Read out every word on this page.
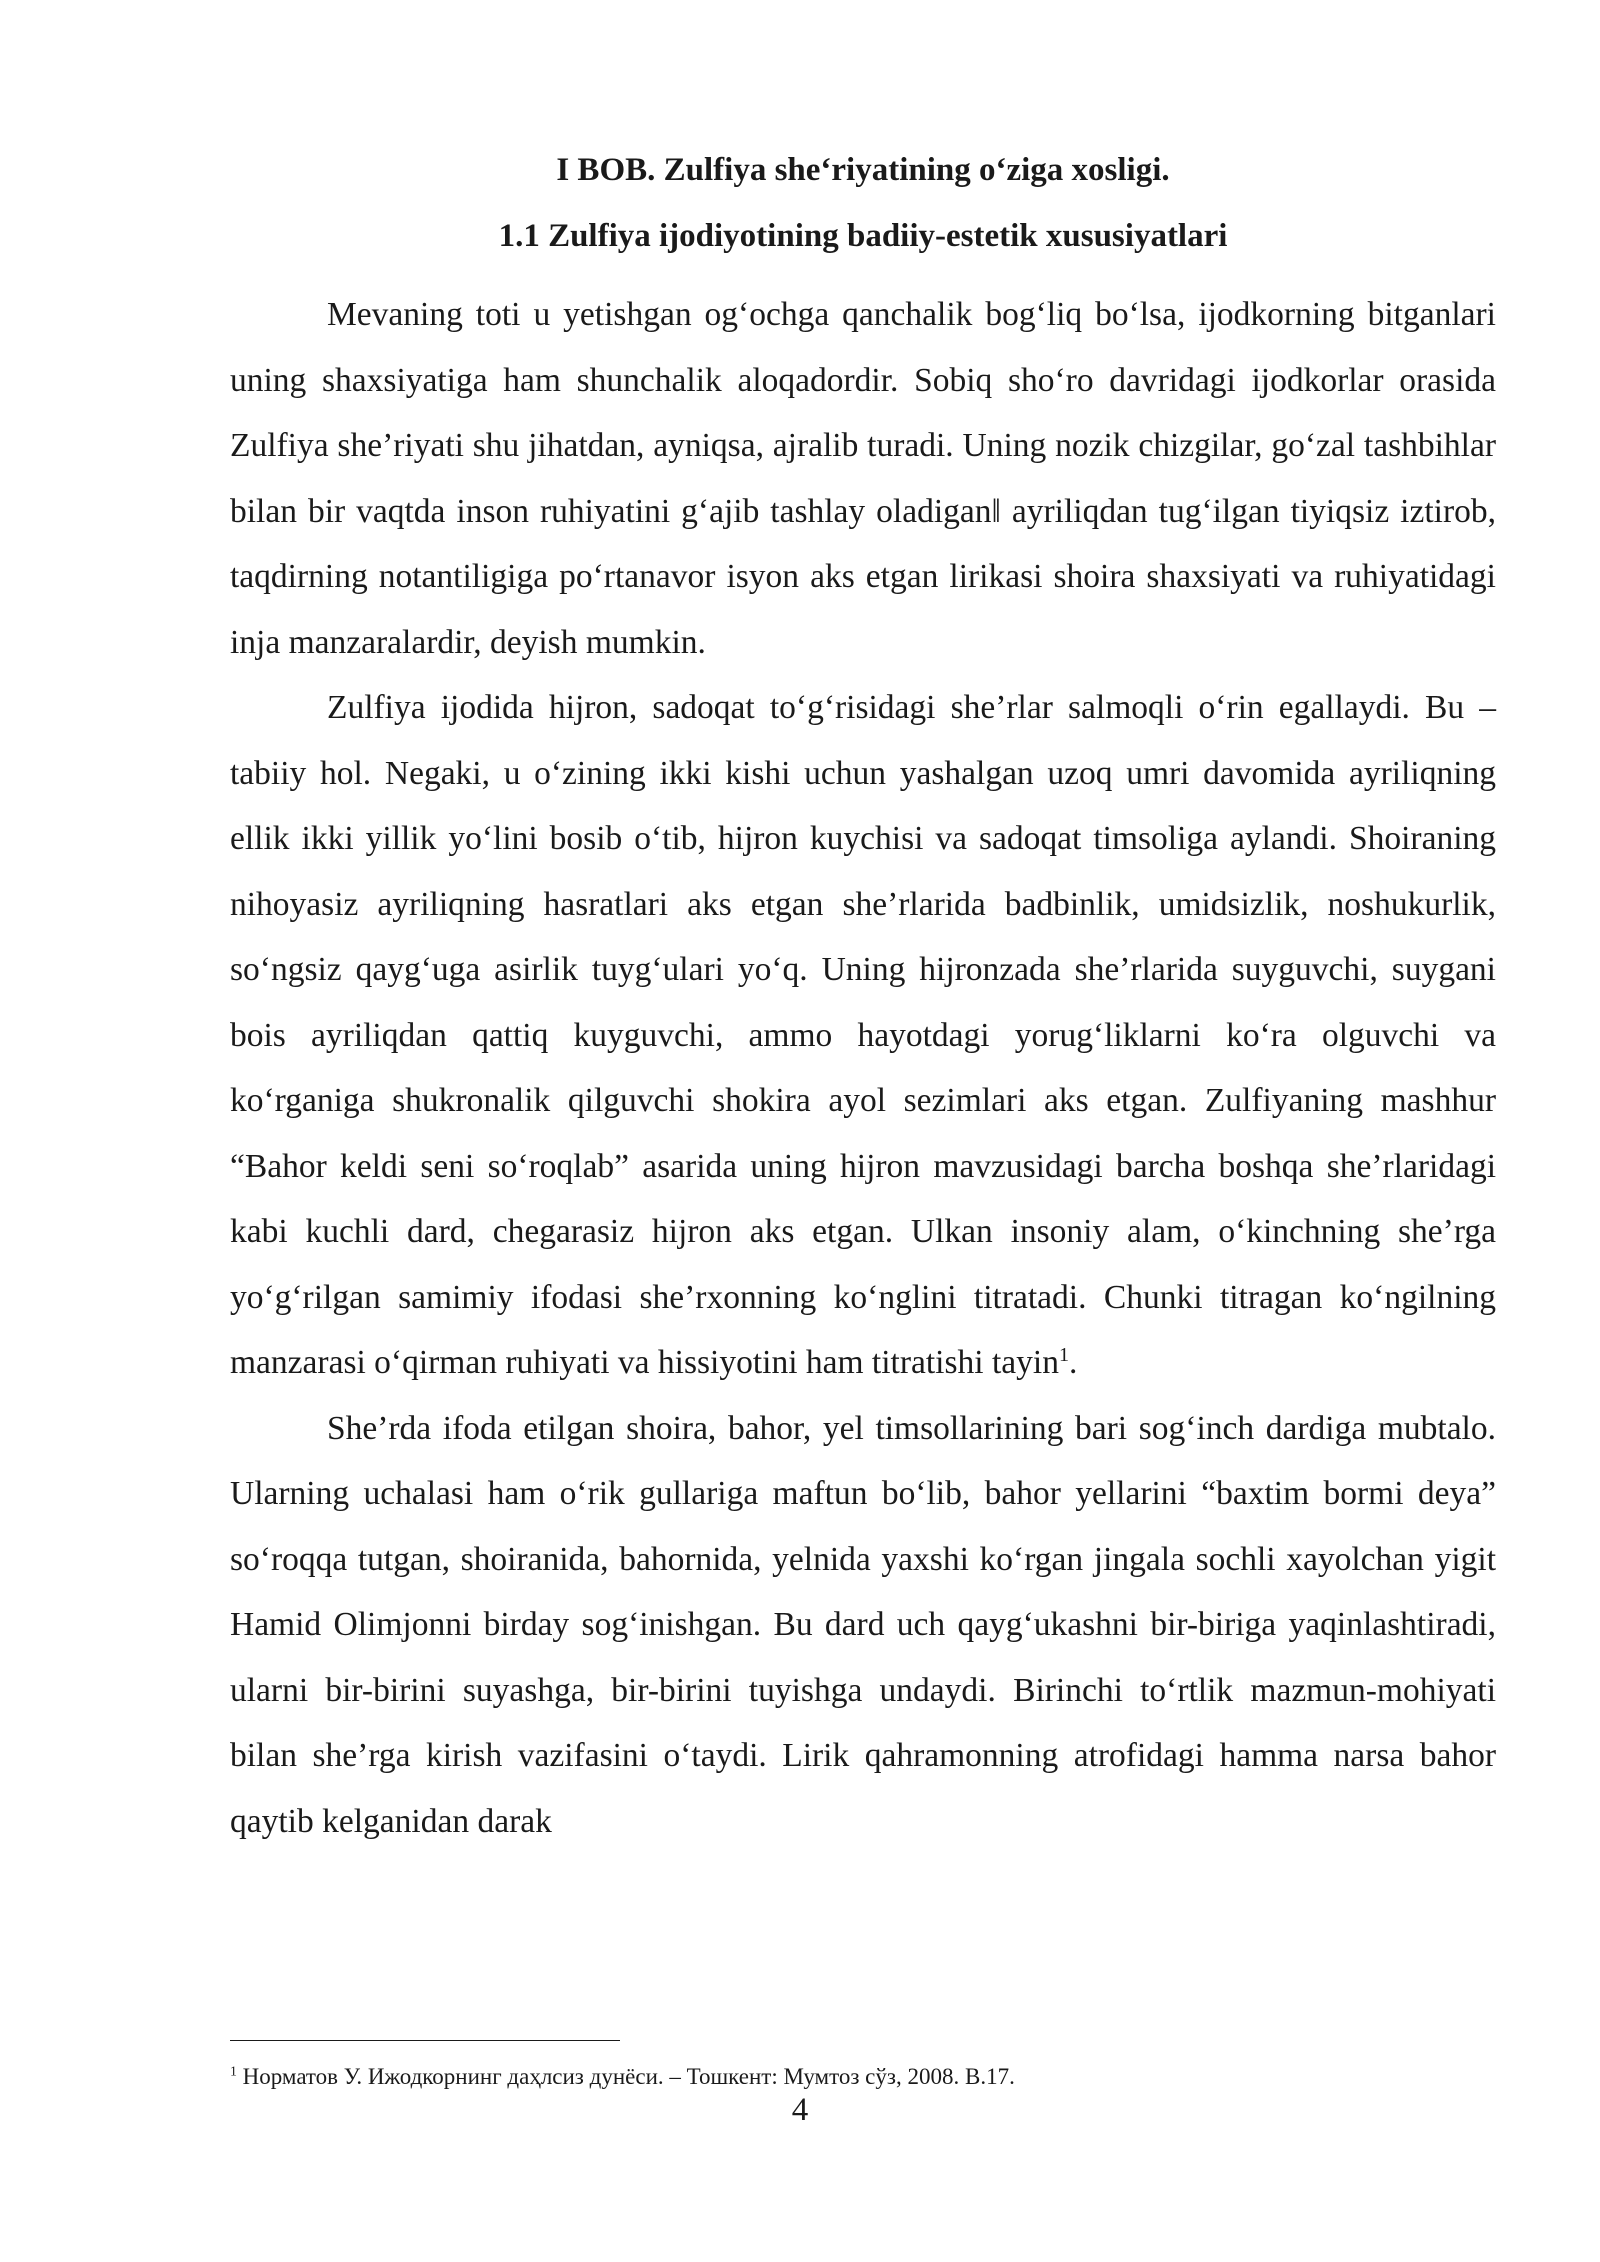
I BOB. Zulfiya she‘riyatining o‘ziga xosligi.

1.1 Zulfiya ijodiyotining badiiy-estetik xususiyatlari

Mevaning toti u yetishgan og‘ochga qanchalik bog‘liq bo‘lsa, ijodkorning bitganlari uning shaxsiyatiga ham shunchalik aloqadordir. Sobiq sho‘ro davridagi ijodkorlar orasida Zulfiya she’riyati shu jihatdan, ayniqsa, ajralib turadi. Uning nozik chizgilar, go‘zal tashbihlar bilan bir vaqtda inson ruhiyatini g‘ajib tashlay oladigan‖ ayriliqdan tug‘ilgan tiyiqsiz iztirob, taqdirning notantiligiga po‘rtanavor isyon aks etgan lirikasi shoira shaxsiyati va ruhiyatidagi inja manzaralardir, deyish mumkin.

Zulfiya ijodida hijron, sadoqat to‘g‘risidagi she’rlar salmoqli o‘rin egallaydi. Bu – tabiiy hol. Negaki, u o‘zining ikki kishi uchun yashalgan uzoq umri davomida ayriliqning ellik ikki yillik yo‘lini bosib o‘tib, hijron kuychisi va sadoqat timsoliga aylandi. Shoiraning nihoyasiz ayriliqning hasratlari aks etgan she’rlarida badbinlik, umidsizlik, noshukurlik, so‘ngsiz qayg‘uga asirlik tuyg‘ulari yo‘q. Uning hijronzada she’rlarida suyguvchi, suygani bois ayriliqdan qattiq kuyguvchi, ammo hayotdagi yorug‘liklarni ko‘ra olguvchi va ko‘rganiga shukronalik qilguvchi shokira ayol sezimlari aks etgan. Zulfiyaning mashhur “Bahor keldi seni so‘roqlab” asarida uning hijron mavzusidagi barcha boshqa she’rlaridagi kabi kuchli dard, chegarasiz hijron aks etgan. Ulkan insoniy alam, o‘kinchning she’rga yo‘g‘rilgan samimiy ifodasi she’rxonning ko‘nglini titratadi. Chunki titragan ko‘ngilning manzarasi o‘qirman ruhiyati va hissiyotini ham titratishi tayin$^1$.

She’rda ifoda etilgan shoira, bahor, yel timsollarining bari sog‘inch dardiga mubtalo. Ularning uchalasi ham o‘rik gullariga maftun bo‘lib, bahor yellarini “baxtim bormi deya” so‘roqqa tutgan, shoiranida, bahornida, yelnida yaxshi ko‘rgan jingala sochli xayolchan yigit Hamid Olimjonni birday sog‘inishgan. Bu dard uch qayg‘ukashni bir-biriga yaqinlashtiradi, ularni bir-birini suyashga, bir-birini tuyishga undaydi. Birinchi to‘rtlik mazmun-mohiyati bilan she’rga kirish vazifasini o‘taydi. Lirik qahramonning atrofidagi hamma narsa bahor qaytib kelganidan darak

$^1$ Норматов У. Ижодкорнинг даҳлсиз дунёси. – Тошкент: Мумтоз сўз, 2008. B.17.

4
